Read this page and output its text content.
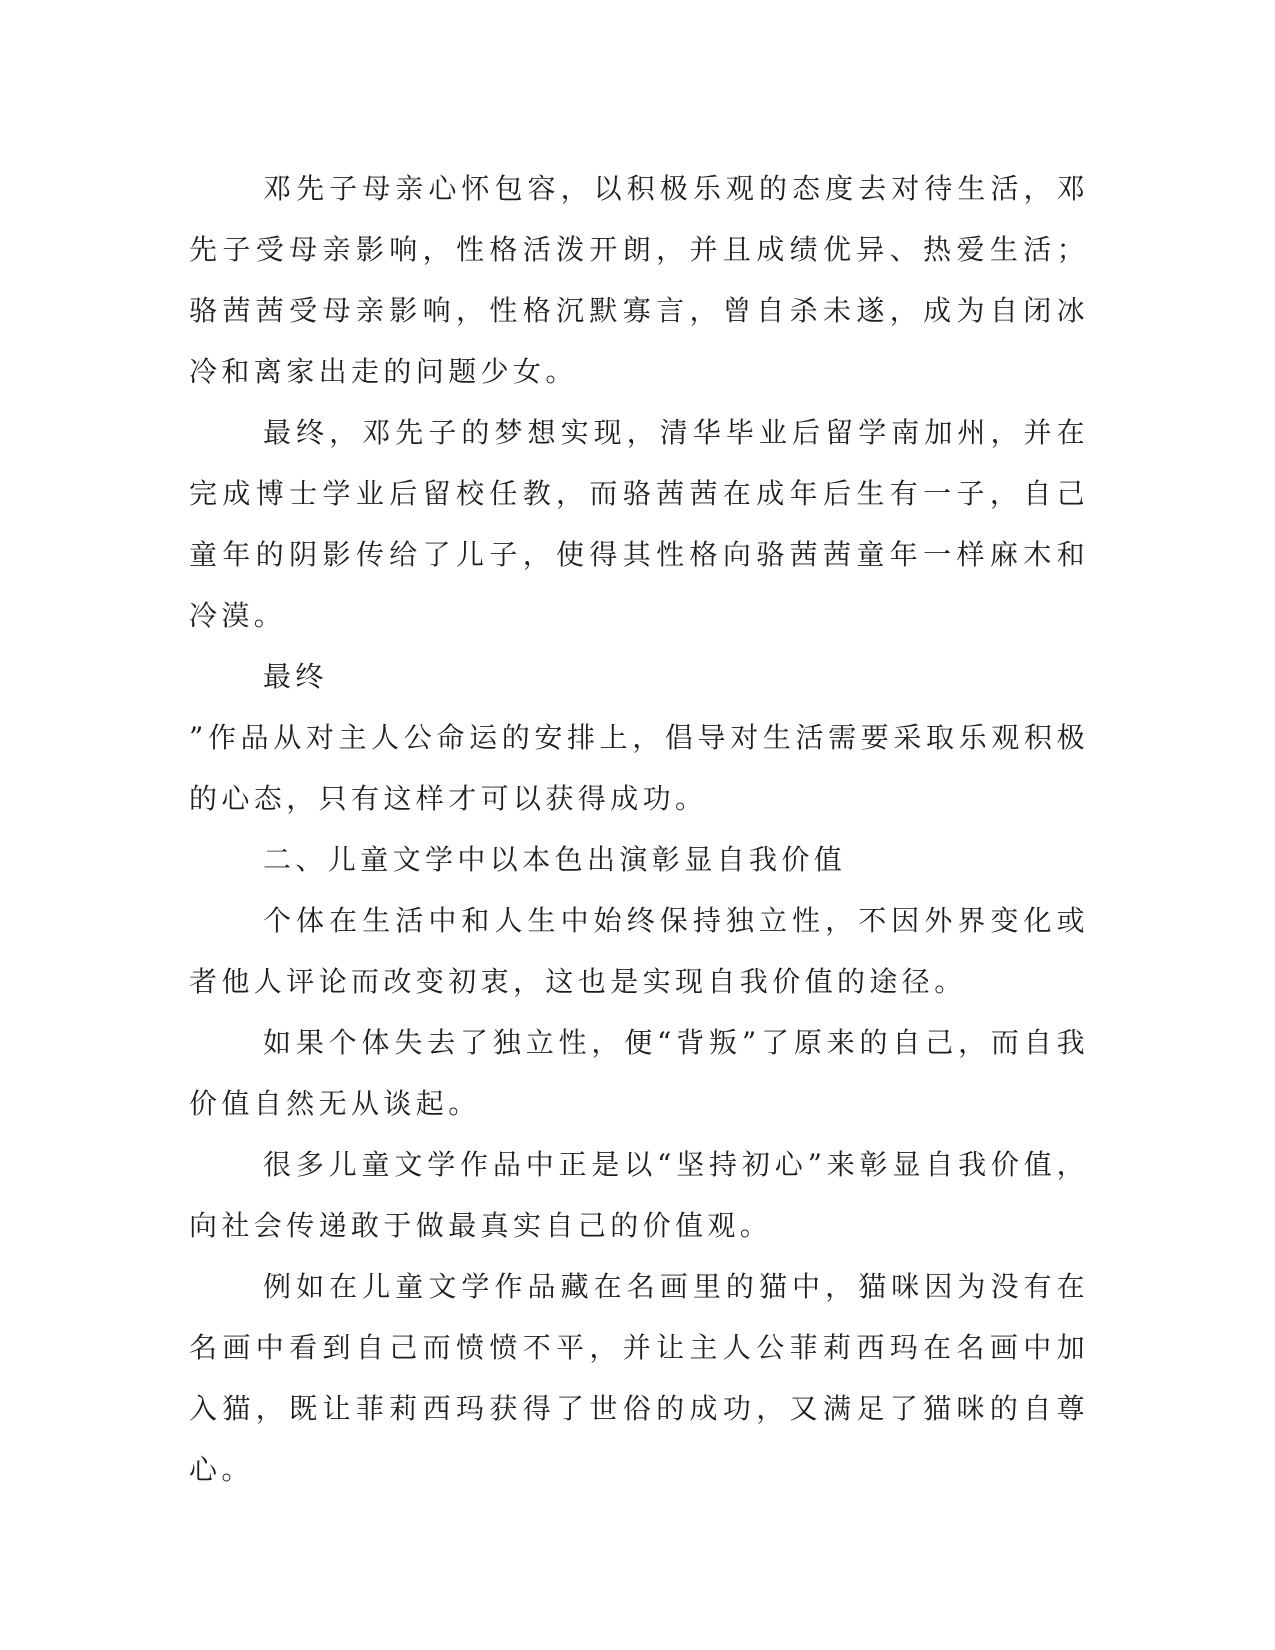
邓先子母亲心怀包容，以积极乐观的态度去对待生活，邓先子受母亲影响，性格活泼开朗，并且成绩优异、热爱生活；骆茜茜受母亲影响，性格沉默寡言，曾自杀未遂，成为自闭冰冷和离家出走的问题少女。

最终，邓先子的梦想实现，清华毕业后留学南加州，并在完成博士学业后留校任教，而骆茜茜在成年后生有一子，自己童年的阴影传给了儿子，使得其性格向骆茜茜童年一样麻木和冷漠。

最终

”作品从对主人公命运的安排上，倡导对生活需要采取乐观积极的心态，只有这样才可以获得成功。

二、儿童文学中以本色出演彰显自我价值

个体在生活中和人生中始终保持独立性，不因外界变化或者他人评论而改变初衷，这也是实现自我价值的途径。

如果个体失去了独立性，便“背叛”了原来的自己，而自我价值自然无从谈起。

很多儿童文学作品中正是以“坚持初心”来彰显自我价值，向社会传递敢于做最真实自己的价值观。

例如在儿童文学作品藏在名画里的猫中，猫咪因为没有在名画中看到自己而愤愤不平，并让主人公菲莉西玛在名画中加入猫，既让菲莉西玛获得了世俗的成功，又满足了猫咪的自尊心。
